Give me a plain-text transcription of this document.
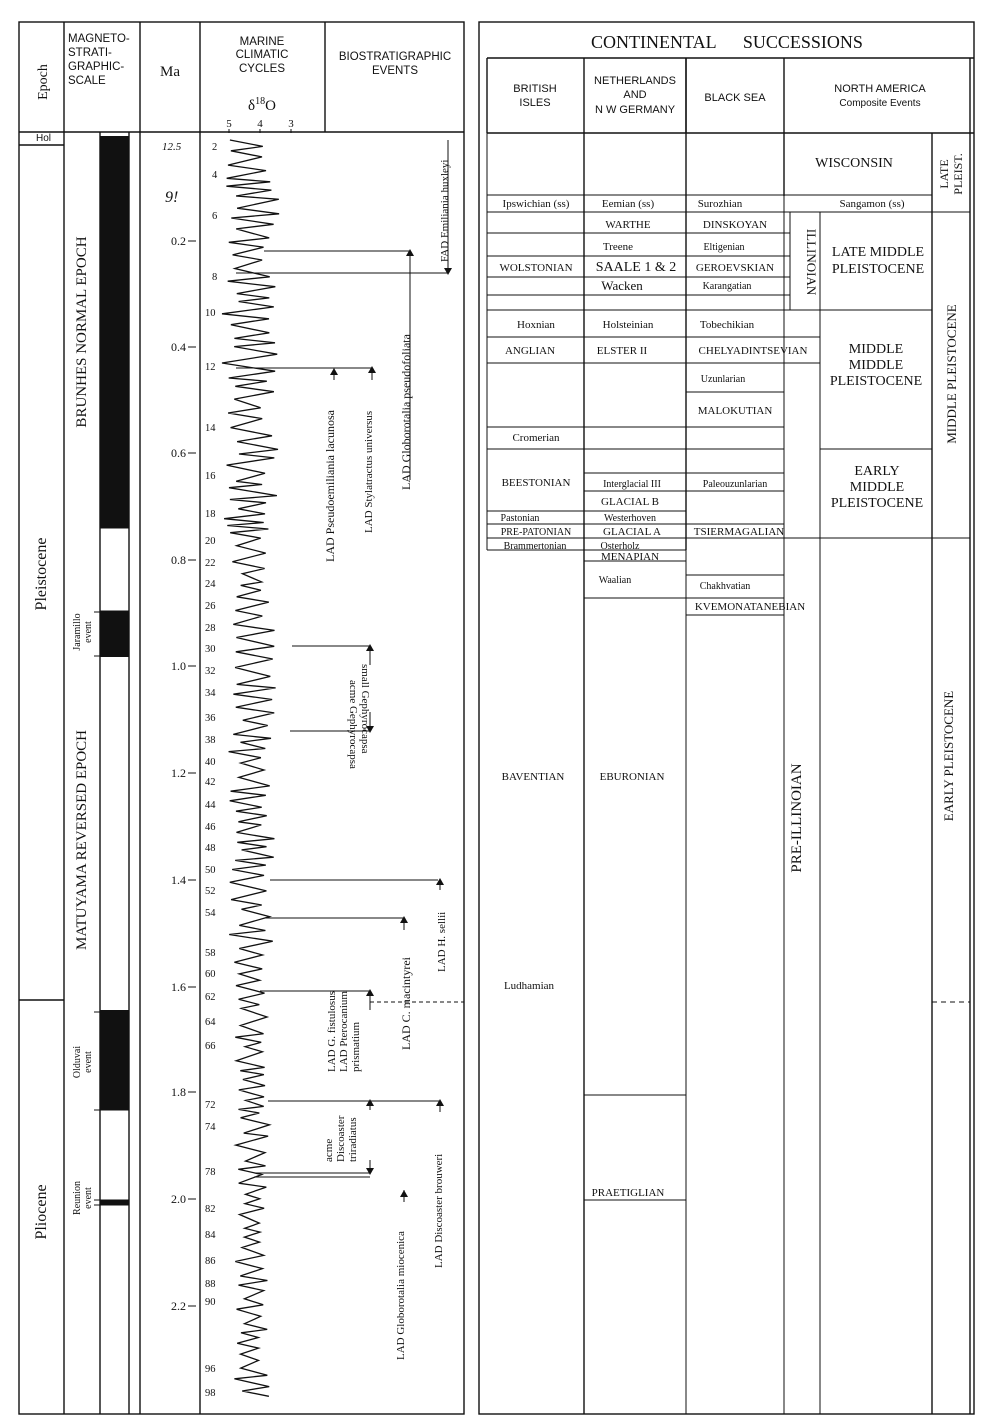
Epoch
MAGNETO-
STRATI-
GRAPHIC-
SCALE
Ma
MARINE
CLIMATIC
CYCLES
$\delta^{18}O$
BIOSTRATIGRAPHIC
EVENTS
5 4 3
Hol
Pleistocene
Pliocene
BRUNHES NORMAL EPOCH
MATUYAMA REVERSED EPOCH
Jaramillo event
Olduvai event
Reunion event
0.2
0.4
0.6
0.8
1.0
1.2
1.4
1.6
1.8
2.0
2.2
12.5
9!
2
4
6
8
10
12
14
16
18
20
22
24
26
28
30
32
34
36
38
40
42
44
46
48
50
52
54
58
60
62
64
66
72
74
78
82
84
86
88
90
96
98
FAD Emiliania huxleyi
LAD Globorotalia pseudofoliata
LAD Stylatractus universus
LAD Pseudoemiliania lacunosa
acme Gephyrocapsa small Gephyrocapsa
LAD H. sellii
LAD C. macintyrei
LAD G. fistulosus LAD Pterocanium prismatium
acme Discoaster triradiatus
LAD Globorotalia miocenica
LAD Discoaster brouweri
CONTINENTAL      SUCCESSIONS
BRITISH
ISLES
NETHERLANDS
AND
N W GERMANY
BLACK SEA
NORTH AMERICA
Composite Events
Ipswichian (ss)
WOLSTONIAN
Hoxnian
ANGLIAN
Cromerian
BEESTONIAN
Pastonian
PRE-PATONIAN
Brammertonian
BAVENTIAN
Ludhamian
Eemian (ss)
WARTHE
Treene
SAALE 1 & 2
Wacken
Holsteinian
ELSTER II
Interglacial III
GLACIAL B
Westerhoven
GLACIAL A
Osterholz
MENAPIAN
Waalian
EBURONIAN
PRAETIGLIAN
Surozhian
DINSKOYAN
Eltigenian
GEROEVSKIAN
Karangatian
Tobechikian
CHELYADINTSEVIAN
Uzunlarian
MALOKUTIAN
Paleouzunlarian
TSIERMAGALIAN
Chakhvatian
KVEMONATANEBIAN
WISCONSIN
Sangamon (ss)
ILLINOIAN LATE MIDDLE
PLEISTOCENE
MIDDLE
MIDDLE
PLEISTOCENE
EARLY
MIDDLE
PLEISTOCENE
PRE-ILLINOIAN
LATE PLEIST.
MIDDLE PLEISTOCENE
EARLY PLEISTOCENE
